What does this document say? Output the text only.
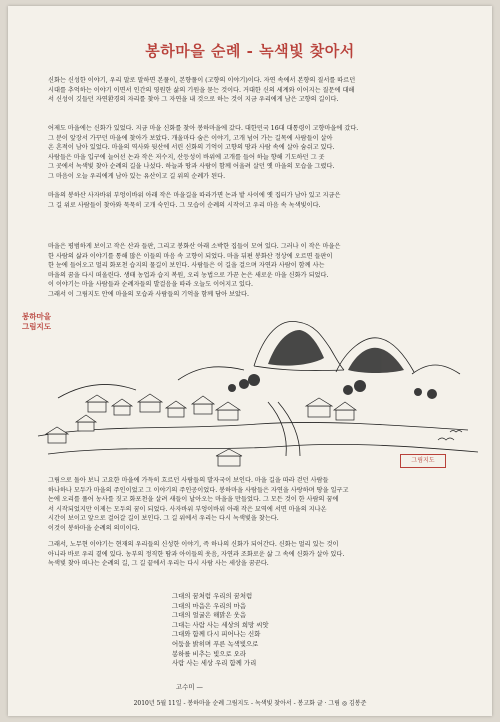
봉하마을 순례 - 녹색빛 찾아서
신화는 신성한 이야기, 우리 말로 말하면 본풀이, 본향풀이 (고향의 이야기)이다. 자연 속에서 본향의 질서를 따르던
시대를 추억하는 이야기 이면서 인간의 영원한 삶의 기원을 묻는 것이다. 거대한 신의 세계와 이어지는 질문에 대해
서 신성이 깃들던 자연환경의 자리를 찾아 그 자연을 내 것으로 하는 것이 지금 우리에게 남은 고향의 길이다.
어제도 마을에는 신화가 있었다. 지금 마을 신화를 찾아 봉하마을에 갔다. 대한민국 16대 대통령이 고향마을에 갔다.
그 분이 앞장서 가꾸던 마을에 찾아가 보았다. 개울마다 숨은 이야기, 고개 넘어 가는 길목에 사람들이 살아
온 흔적이 남아 있었다. 마을의 역사와 뒷산에 서린 신화의 기억이 고향의 땅과 사람 속에 살아 숨쉬고 있다.
사람들은 마을 입구에 늘어선 논과 작은 저수지, 산등성이 바위에 고개를 들어 하늘 향해 기도하던 그 곳
그 곳에서 녹색빛 찾아 순례의 길을 나섰다. 하늘과 땅과 사람이 함께 어울려 살던 옛 마을의 모습을 그렸다.
그 마음이 오늘 우리에게 남아 있는 유산이고 길 위의 순례가 된다.
마을의 봉하산 사자바위 부엉이바위 아래 작은 마을길을 따라가면 논과 밭 사이에 옛 집터가 남아 있고 지금은
그 길 위로 사람들이 찾아와 묵묵히 고개 숙인다. 그 모습이 순례의 시작이고 우리 마음 속 녹색빛이다.
마을은 평범하게 보이고 작은 산과 들판, 그리고 봉화산 아래 소박한 집들이 모여 있다. 그러나 이 작은 마을은
한 사람의 삶과 이야기를 통해 많은 이들의 마음 속 고향이 되었다. 마을 뒤편 봉화산 정상에 오르면 들판이
한 눈에 들어오고 멀리 화포천 습지의 물길이 보인다. 사람들은 이 길을 걸으며 자연과 사람이 함께 사는
마을의 꿈을 다시 떠올린다. 생태 농업과 습지 복원, 오리 농법으로 가꾼 논은 새로운 마을 신화가 되었다.
이 이야기는 마을 사람들과 순례자들의 발걸음을 따라 오늘도 이어지고 있다.
그래서 이 그림지도 안에 마을의 모습과 사람들의 기억을 함께 담아 보았다.
봉하마을
그림지도
그림지도
그림으로 돌아 보니 고요한 마을에 가득히 흐르던 사람들의 발자국이 보인다. 마을 길을 따라 걷던 사람들
하나하나 모두가 마을의 주인이었고 그 이야기의 주인공이었다. 봉하마을 사람들은 자연을 사랑하며 땅을 일구고
논에 오리를 풀어 농사를 짓고 화포천을 살려 새들이 날아오는 마을을 만들었다. 그 모든 것이 한 사람의 꿈에
서 시작되었지만 이제는 모두의 꿈이 되었다. 사자바위 부엉이바위 아래 작은 묘역에 서면 마을의 지나온
시간이 보이고 앞으로 걸어갈 길이 보인다. 그 길 위에서 우리는 다시 녹색빛을 찾는다.
이것이 봉하마을 순례의 의미이다.
그래서, 노무현 이야기는 현재의 우리들의 신성한 이야기, 즉 하나의 신화가 되어간다. 신화는 멀리 있는 것이
아니라 바로 우리 곁에 있다. 농부의 정직한 땀과 아이들의 웃음, 자연과 조화로운 삶 그 속에 신화가 살아 있다.
녹색빛 찾아 떠나는 순례의 길, 그 길 끝에서 우리는 다시 사람 사는 세상을 꿈꾼다.
그대의 꿈처럼 우리의 꿈처럼
그대의 마음은 우리의 마음
그대의 얼굴은 해맑은 웃음
그대는 사람 사는 세상의 희망 씨앗
그대와 함께 다시 피어나는 신화
어둠을 밝히며 푸른 녹색빛으로
봉하를 비추는 빛으로 오라
사람 사는 세상 우리 함께 가리
고수미 —
2010년 5월 11일 - 봉하마을 순례 그림지도 - 녹색빛 찾아서 - 봉고화 글 · 그림 ◎ 김봉준
